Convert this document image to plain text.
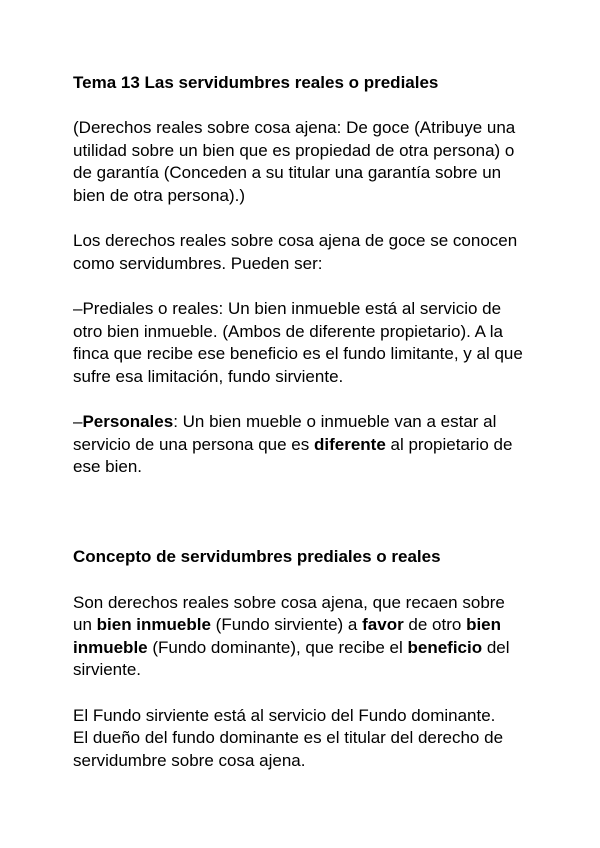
Tema 13 Las servidumbres reales o prediales
(Derechos reales sobre cosa ajena: De goce (Atribuye una
utilidad sobre un bien que es propiedad de otra persona) o
de garantía (Conceden a su titular una garantía sobre un
bien de otra persona).)
Los derechos reales sobre cosa ajena de goce se conocen
como servidumbres. Pueden ser:
–Prediales o reales: Un bien inmueble está al servicio de
otro bien inmueble. (Ambos de diferente propietario). A la
finca que recibe ese beneficio es el fundo limitante, y al que
sufre esa limitación, fundo sirviente.
–Personales: Un bien mueble o inmueble van a estar al
servicio de una persona que es diferente al propietario de
ese bien.
Concepto de servidumbres prediales o reales
Son derechos reales sobre cosa ajena, que recaen sobre
un bien inmueble (Fundo sirviente) a favor de otro bien
inmueble (Fundo dominante), que recibe el beneficio del
sirviente.
El Fundo sirviente está al servicio del Fundo dominante.
El dueño del fundo dominante es el titular del derecho de
servidumbre sobre cosa ajena.
